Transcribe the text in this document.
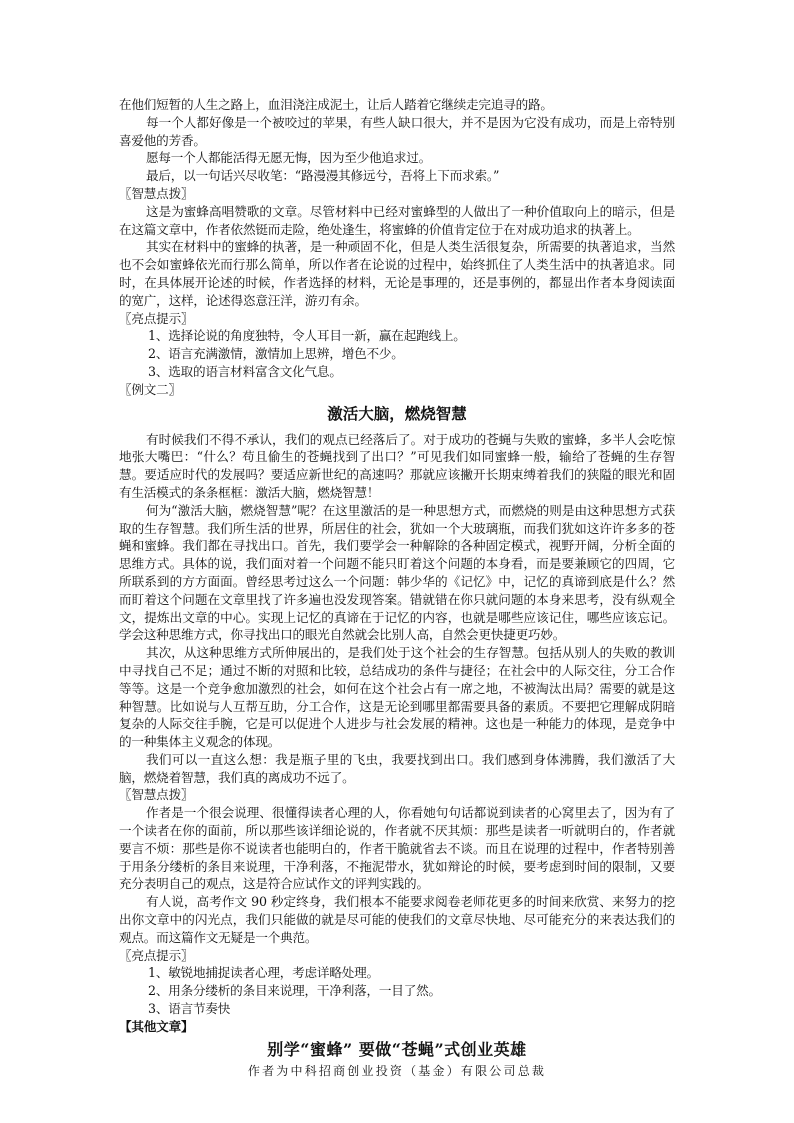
在他们短暂的人生之路上，血泪浇注成泥土，让后人踏着它继续走完追寻的路。

每一个人都好像是一个被咬过的苹果，有些人缺口很大，并不是因为它没有成功，而是上帝特别喜爱他的芳香。

愿每一个人都能活得无愿无悔，因为至少他追求过。

最后，以一句话兴尽收笔：“路漫漫其修远兮，吾将上下而求索。”

〖智慧点拨〗

这是为蜜蜂高唱赞歌的文章。尽管材料中已经对蜜蜂型的人做出了一种价值取向上的暗示，但是在这篇文章中，作者依然铤而走险，绝处逢生，将蜜蜂的价值肯定位于在对成功追求的执著上。

其实在材料中的蜜蜂的执著，是一种顽固不化，但是人类生活很复杂，所需要的执著追求，当然也不会如蜜蜂依光而行那么简单，所以作者在论说的过程中，始终抓住了人类生活中的执著追求。同时，在具体展开论述的时候，作者选择的材料，无论是事理的，还是事例的，都显出作者本身阅读面的宽广，这样，论述得恣意汪洋，游刃有余。

〖亮点提示〗

1、选择论说的角度独特，令人耳目一新，赢在起跑线上。

2、语言充满激情，激情加上思辨，增色不少。

3、选取的语言材料富含文化气息。

〖例文二〗

激活大脑，燃烧智慧

有时候我们不得不承认，我们的观点已经落后了。对于成功的苍蝇与失败的蜜蜂，多半人会吃惊地张大嘴巴：“什么？苟且偷生的苍蝇找到了出口？”可见我们如同蜜蜂一般，输给了苍蝇的生存智慧。要适应时代的发展吗？要适应新世纪的高速吗？那就应该撇开长期束缚着我们的狭隘的眼光和固有生活模式的条条框框：激活大脑，燃烧智慧！

何为“激活大脑，燃烧智慧”呢？在这里激活的是一种思想方式，而燃烧的则是由这种思想方式获取的生存智慧。我们所生活的世界，所居住的社会，犹如一个大玻璃瓶，而我们犹如这许许多多的苍蝇和蜜蜂。我们都在寻找出口。首先，我们要学会一种解除的各种固定模式，视野开阔，分析全面的思维方式。具体的说，我们面对着一个问题不能只盯着这个问题的本身看，而是要兼顾它的四周，它所联系到的方方面面。曾经思考过这么一个问题：韩少华的《记忆》中，记忆的真谛到底是什么？然而盯着这个问题在文章里找了许多遍也没发现答案。错就错在你只就问题的本身来思考，没有纵观全文，提炼出文章的中心。实现上记忆的真谛在于记忆的内容，也就是哪些应该记住，哪些应该忘记。学会这种思维方式，你寻找出口的眼光自然就会比别人高，自然会更快捷更巧妙。

其次，从这种思维方式所伸展出的，是我们处于这个社会的生存智慧。包括从别人的失败的教训中寻找自己不足；通过不断的对照和比较，总结成功的条件与捷径；在社会中的人际交往，分工合作等等。这是一个竞争愈加激烈的社会，如何在这个社会占有一席之地，不被淘汰出局？需要的就是这种智慧。比如说与人互帮互助，分工合作，这是无论到哪里都需要具备的素质。不要把它理解成阴暗复杂的人际交往手腕，它是可以促进个人进步与社会发展的精神。这也是一种能力的体现，是竞争中的一种集体主义观念的体现。

我们可以一直这么想：我是瓶子里的飞虫，我要找到出口。我们感到身体沸腾，我们激活了大脑，燃烧着智慧，我们真的离成功不远了。

〖智慧点拨〗

作者是一个很会说理、很懂得读者心理的人，你看她句句话都说到读者的心窝里去了，因为有了一个读者在你的面前，所以那些该详细论说的，作者就不厌其烦：那些是读者一听就明白的，作者就要言不烦：那些是你不说读者也能明白的，作者干脆就省去不谈。而且在说理的过程中，作者特别善于用条分缕析的条目来说理，干净利落，不拖泥带水，犹如辩论的时候，要考虑到时间的限制，又要充分表明自己的观点，这是符合应试作文的评判实践的。

有人说，高考作文 90 秒定终身，我们根本不能要求阅卷老师花更多的时间来欣赏、来努力的挖出你文章中的闪光点，我们只能做的就是尽可能的使我们的文章尽快地、尽可能充分的来表达我们的观点。而这篇作文无疑是一个典范。

〖亮点提示〗

1、敏锐地捕捉读者心理，考虑详略处理。

2、用条分缕析的条目来说理，干净利落，一目了然。

3、语言节奏快

【其他文章】

别学“蜜蜂” 要做“苍蝇”式创业英雄
作者为中科招商创业投资（基金）有限公司总裁
